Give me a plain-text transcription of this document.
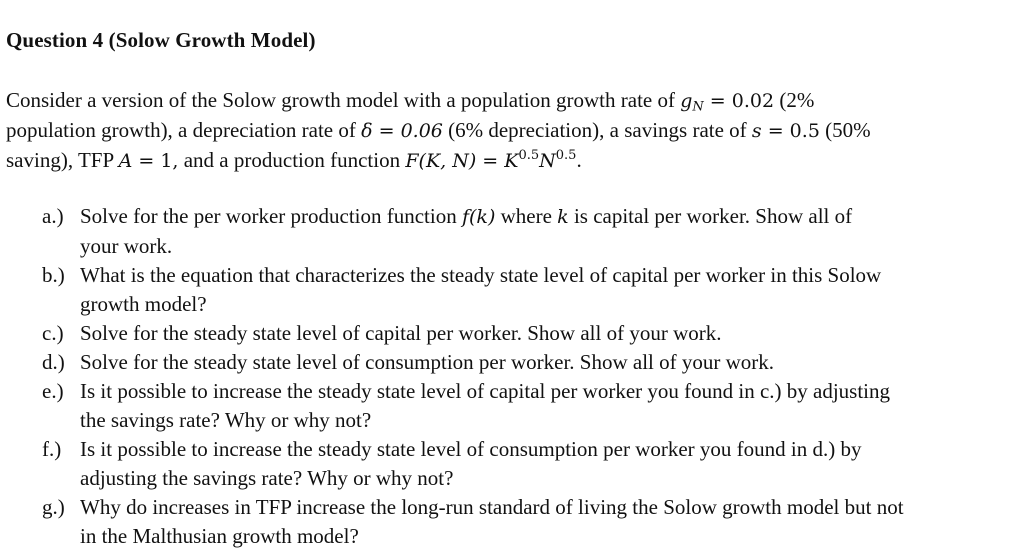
Question 4 (Solow Growth Model)
Consider a version of the Solow growth model with a population growth rate of $g_N = 0.02$ (2%
population growth), a depreciation rate of δ = 0.06 (6% depreciation), a savings rate of s = 0.5 (50%
saving), TFP A = 1, and a production function F(K, $N) = K^{0.5}N^{0.5}$.
a.) Solve for the per worker production function f(k) where k is capital per worker. Show all of
your work.
b.) What is the equation that characterizes the steady state level of capital per worker in this Solow
growth model?
c.) Solve for the steady state level of capital per worker. Show all of your work.
d.) Solve for the steady state level of consumption per worker. Show all of your work.
e.) Is it possible to increase the steady state level of capital per worker you found in c.) by adjusting
the savings rate? Why or why not?
f.) Is it possible to increase the steady state level of consumption per worker you found in d.) by
adjusting the savings rate? Why or why not?
g.) Why do increases in TFP increase the long-run standard of living the Solow growth model but not
in the Malthusian growth model?
